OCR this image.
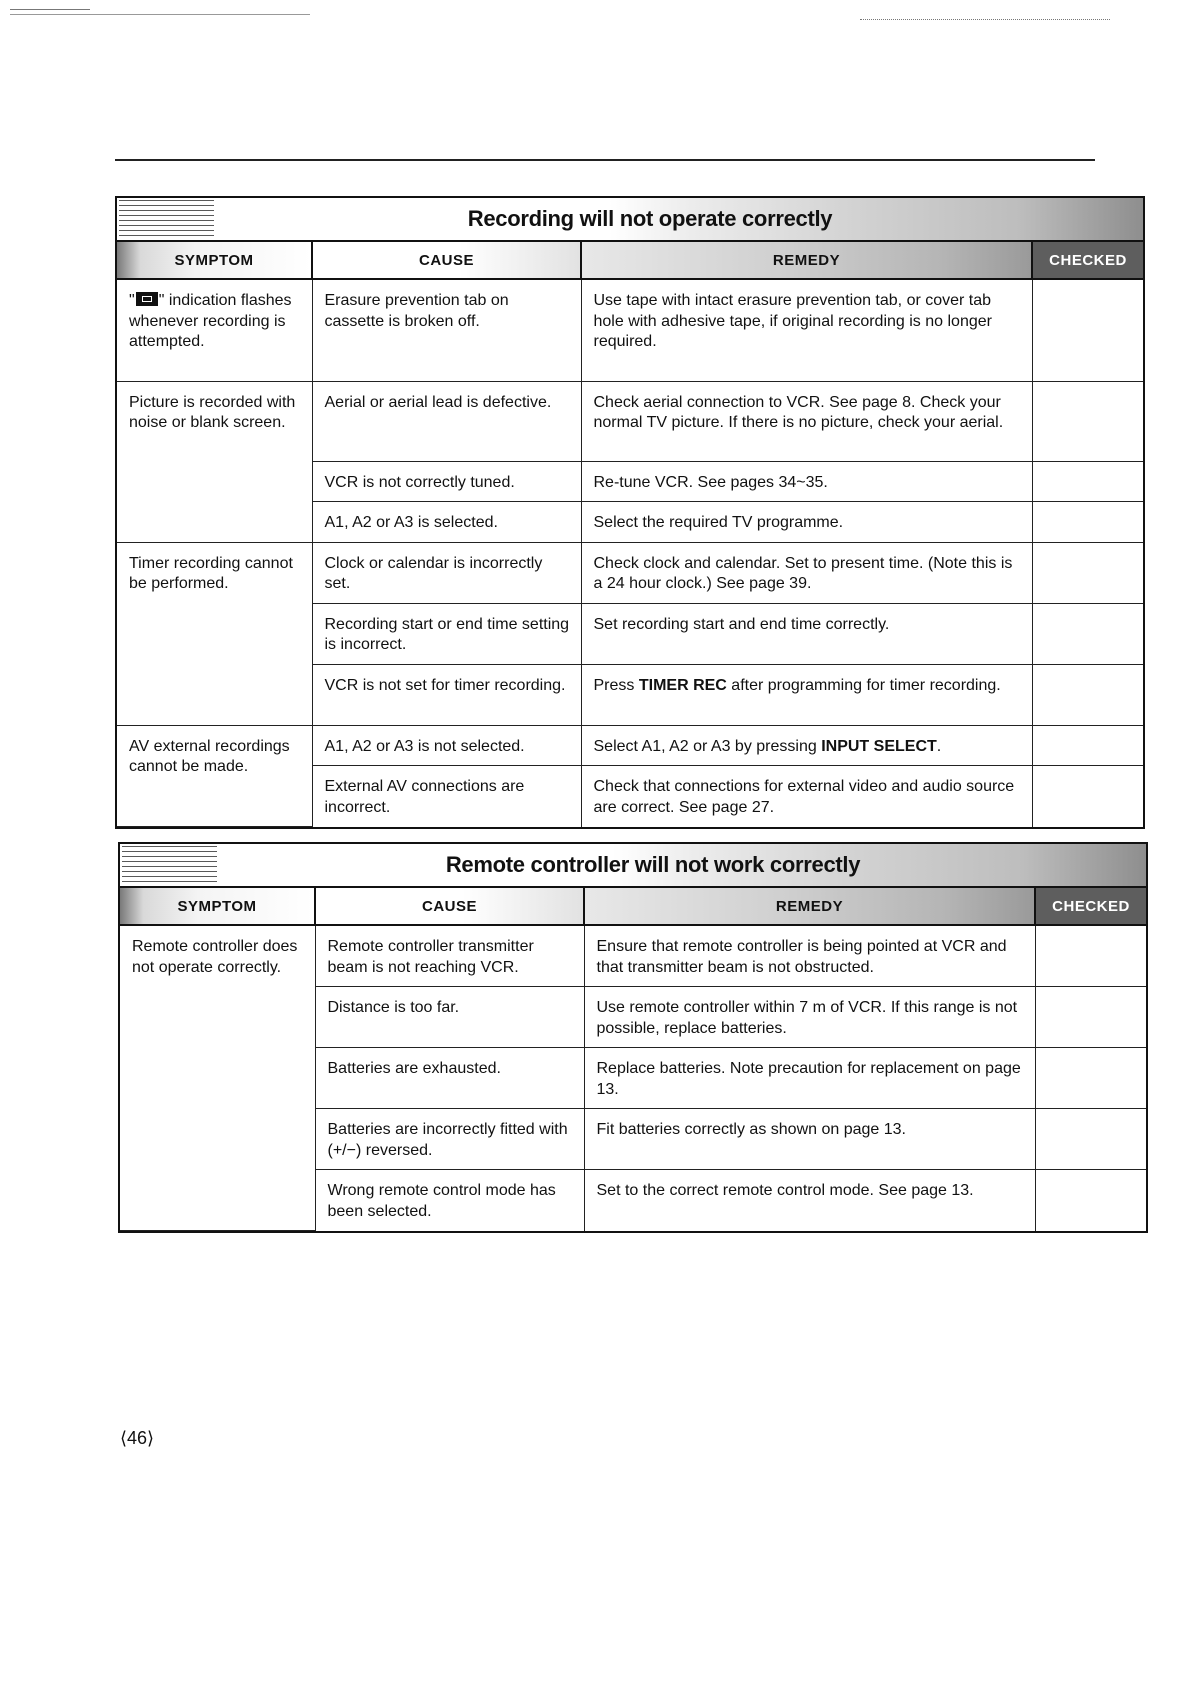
Recording will not operate correctly
SYMPTOM	CAUSE	REMEDY	CHECKED
" " indication flashes whenever recording is attempted.	Erasure prevention tab on cassette is broken off.	Use tape with intact erasure prevention tab, or cover tab hole with adhesive tape, if original recording is no longer required.	
Picture is recorded with noise or blank screen.	Aerial or aerial lead is defective.	Check aerial connection to VCR. See page 8. Check your normal TV picture. If there is no picture, check your aerial.	
	VCR is not correctly tuned.	Re-tune VCR. See pages 34~35.	
	A1, A2 or A3 is selected.	Select the required TV programme.	
Timer recording cannot be performed.	Clock or calendar is incorrectly set.	Check clock and calendar. Set to present time. (Note this is a 24 hour clock.) See page 39.	
	Recording start or end time setting is incorrect.	Set recording start and end time correctly.	
	VCR is not set for timer recording.	Press TIMER REC after programming for timer recording.	
AV external recordings cannot be made.	A1, A2 or A3 is not selected.	Select A1, A2 or A3 by pressing INPUT SELECT.	
	External AV connections are incorrect.	Check that connections for external video and audio source are correct. See page 27.	
Remote controller will not work correctly
SYMPTOM	CAUSE	REMEDY	CHECKED
Remote controller does not operate correctly.	Remote controller transmitter beam is not reaching VCR.	Ensure that remote controller is being pointed at VCR and that transmitter beam is not obstructed.	
	Distance is too far.	Use remote controller within 7 m of VCR. If this range is not possible, replace batteries.	
	Batteries are exhausted.	Replace batteries. Note precaution for replacement on page 13.	
	Batteries are incorrectly fitted with (+/−) reversed.	Fit batteries correctly as shown on page 13.	
	Wrong remote control mode has been selected.	Set to the correct remote control mode. See page 13.	
⟨46⟩
